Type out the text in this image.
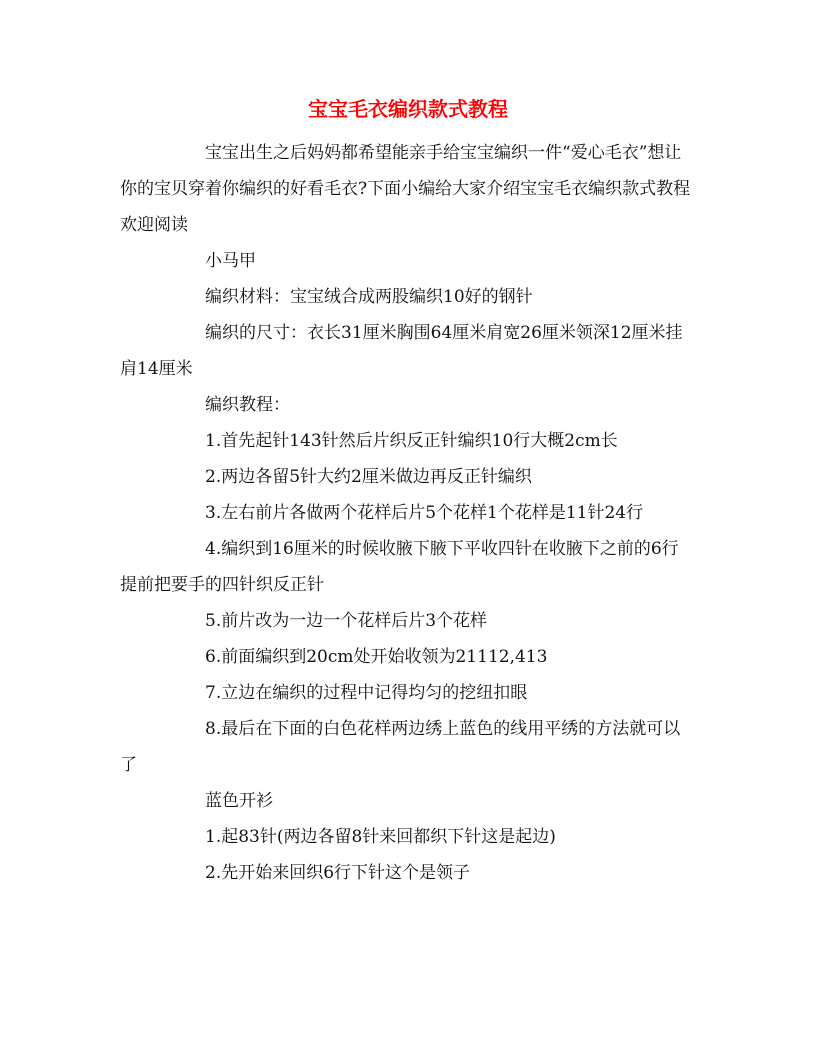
宝宝毛衣编织款式教程

宝宝出生之后妈妈都希望能亲手给宝宝编织一件“爱心毛衣”想让你的宝贝穿着你编织的好看毛衣?下面小编给大家介绍宝宝毛衣编织款式教程欢迎阅读

小马甲

编织材料：宝宝绒合成两股编织10好的钢针

编织的尺寸：衣长31厘米胸围64厘米肩宽26厘米领深12厘米挂肩14厘米

编织教程：

1.首先起针143针然后片织反正针编织10行大概2cm长

2.两边各留5针大约2厘米做边再反正针编织

3.左右前片各做两个花样后片5个花样1个花样是11针24行

4.编织到16厘米的时候收腋下腋下平收四针在收腋下之前的6行提前把要手的四针织反正针

5.前片改为一边一个花样后片3个花样

6.前面编织到20cm处开始收领为21112,413

7.立边在编织的过程中记得均匀的挖纽扣眼

8.最后在下面的白色花样两边绣上蓝色的线用平绣的方法就可以了

蓝色开衫

1.起83针(两边各留8针来回都织下针这是起边)

2.先开始来回织6行下针这个是领子
